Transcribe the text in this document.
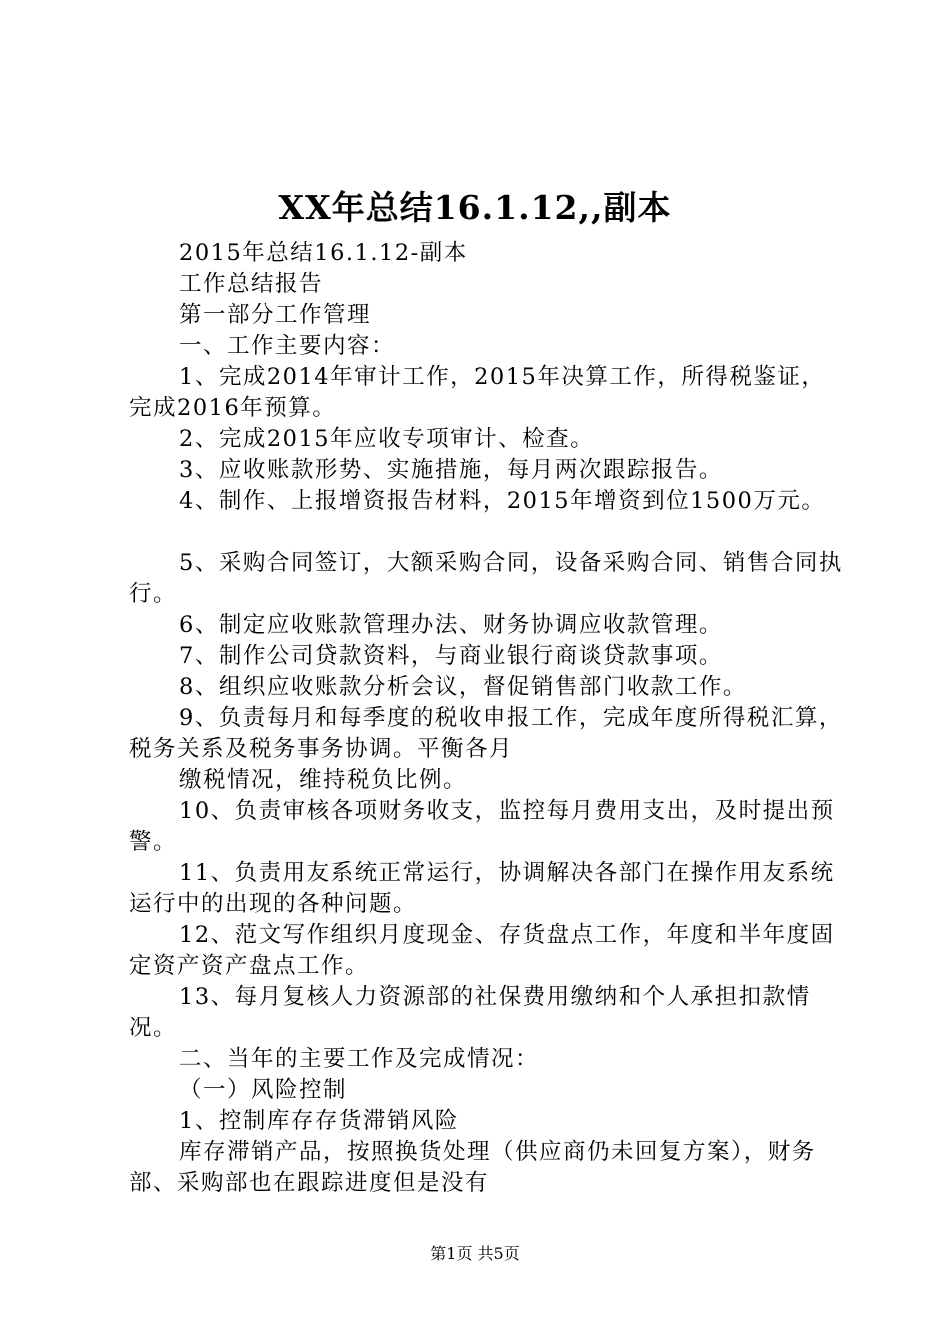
XX年总结16.1.12,,副本

2015年总结16.1.12-副本

工作总结报告

第一部分工作管理

一、工作主要内容：

1、完成2014年审计工作，2015年决算工作，所得税鉴证，完成2016年预算。

2、完成2015年应收专项审计、检查。

3、应收账款形势、实施措施，每月两次跟踪报告。

4、制作、上报增资报告材料，2015年增资到位1500万元。

5、采购合同签订，大额采购合同，设备采购合同、销售合同执行。

6、制定应收账款管理办法、财务协调应收款管理。

7、制作公司贷款资料，与商业银行商谈贷款事项。

8、组织应收账款分析会议，督促销售部门收款工作。

9、负责每月和每季度的税收申报工作，完成年度所得税汇算，税务关系及税务事务协调。平衡各月

缴税情况，维持税负比例。

10、负责审核各项财务收支，监控每月费用支出，及时提出预警。

11、负责用友系统正常运行，协调解决各部门在操作用友系统运行中的出现的各种问题。

12、范文写作组织月度现金、存货盘点工作，年度和半年度固定资产资产盘点工作。

13、每月复核人力资源部的社保费用缴纳和个人承担扣款情况。

二、当年的主要工作及完成情况：

（一）风险控制

1、控制库存存货滞销风险

库存滞销产品，按照换货处理（供应商仍未回复方案），财务部、采购部也在跟踪进度但是没有

第1页 共5页
